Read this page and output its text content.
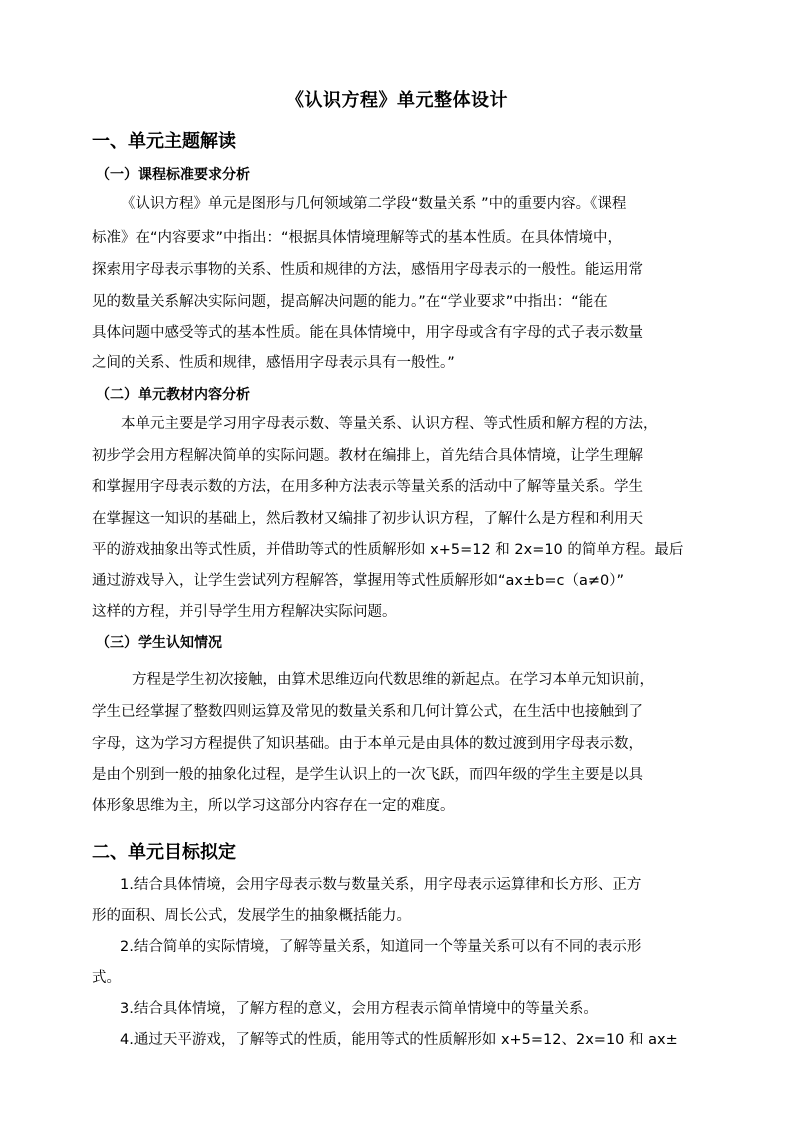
《认识方程》单元整体设计
一、单元主题解读
（一）课程标准要求分析
《认识方程》单元是图形与几何领域第二学段“数量关系 ”中的重要内容。《课程
标准》在“内容要求”中指出：“根据具体情境理解等式的基本性质。在具体情境中，
探索用字母表示事物的关系、性质和规律的方法，感悟用字母表示的一般性。能运用常
见的数量关系解决实际问题，提高解决问题的能力。”在“学业要求”中指出：“能在
具体问题中感受等式的基本性质。能在具体情境中，用字母或含有字母的式子表示数量
之间的关系、性质和规律，感悟用字母表示具有一般性。”
（二）单元教材内容分析
本单元主要是学习用字母表示数、等量关系、认识方程、等式性质和解方程的方法，
初步学会用方程解决简单的实际问题。教材在编排上，首先结合具体情境，让学生理解
和掌握用字母表示数的方法，在用多种方法表示等量关系的活动中了解等量关系。学生
在掌握这一知识的基础上，然后教材又编排了初步认识方程，了解什么是方程和利用天
平的游戏抽象出等式性质，并借助等式的性质解形如 x+5=12 和 2x=10 的简单方程。最后
通过游戏导入，让学生尝试列方程解答，掌握用等式性质解形如“ax±b=c（a≠0）”
这样的方程，并引导学生用方程解决实际问题。
（三）学生认知情况
方程是学生初次接触，由算术思维迈向代数思维的新起点。在学习本单元知识前，
学生已经掌握了整数四则运算及常见的数量关系和几何计算公式，在生活中也接触到了
字母，这为学习方程提供了知识基础。由于本单元是由具体的数过渡到用字母表示数，
是由个别到一般的抽象化过程，是学生认识上的一次飞跃，而四年级的学生主要是以具
体形象思维为主，所以学习这部分内容存在一定的难度。
二、单元目标拟定
1.结合具体情境，会用字母表示数与数量关系，用字母表示运算律和长方形、正方
形的面积、周长公式，发展学生的抽象概括能力。
2.结合简单的实际情境，了解等量关系，知道同一个等量关系可以有不同的表示形
式。
3.结合具体情境，了解方程的意义，会用方程表示简单情境中的等量关系。
4.通过天平游戏，了解等式的性质，能用等式的性质解形如 x+5=12、2x=10 和 ax±
